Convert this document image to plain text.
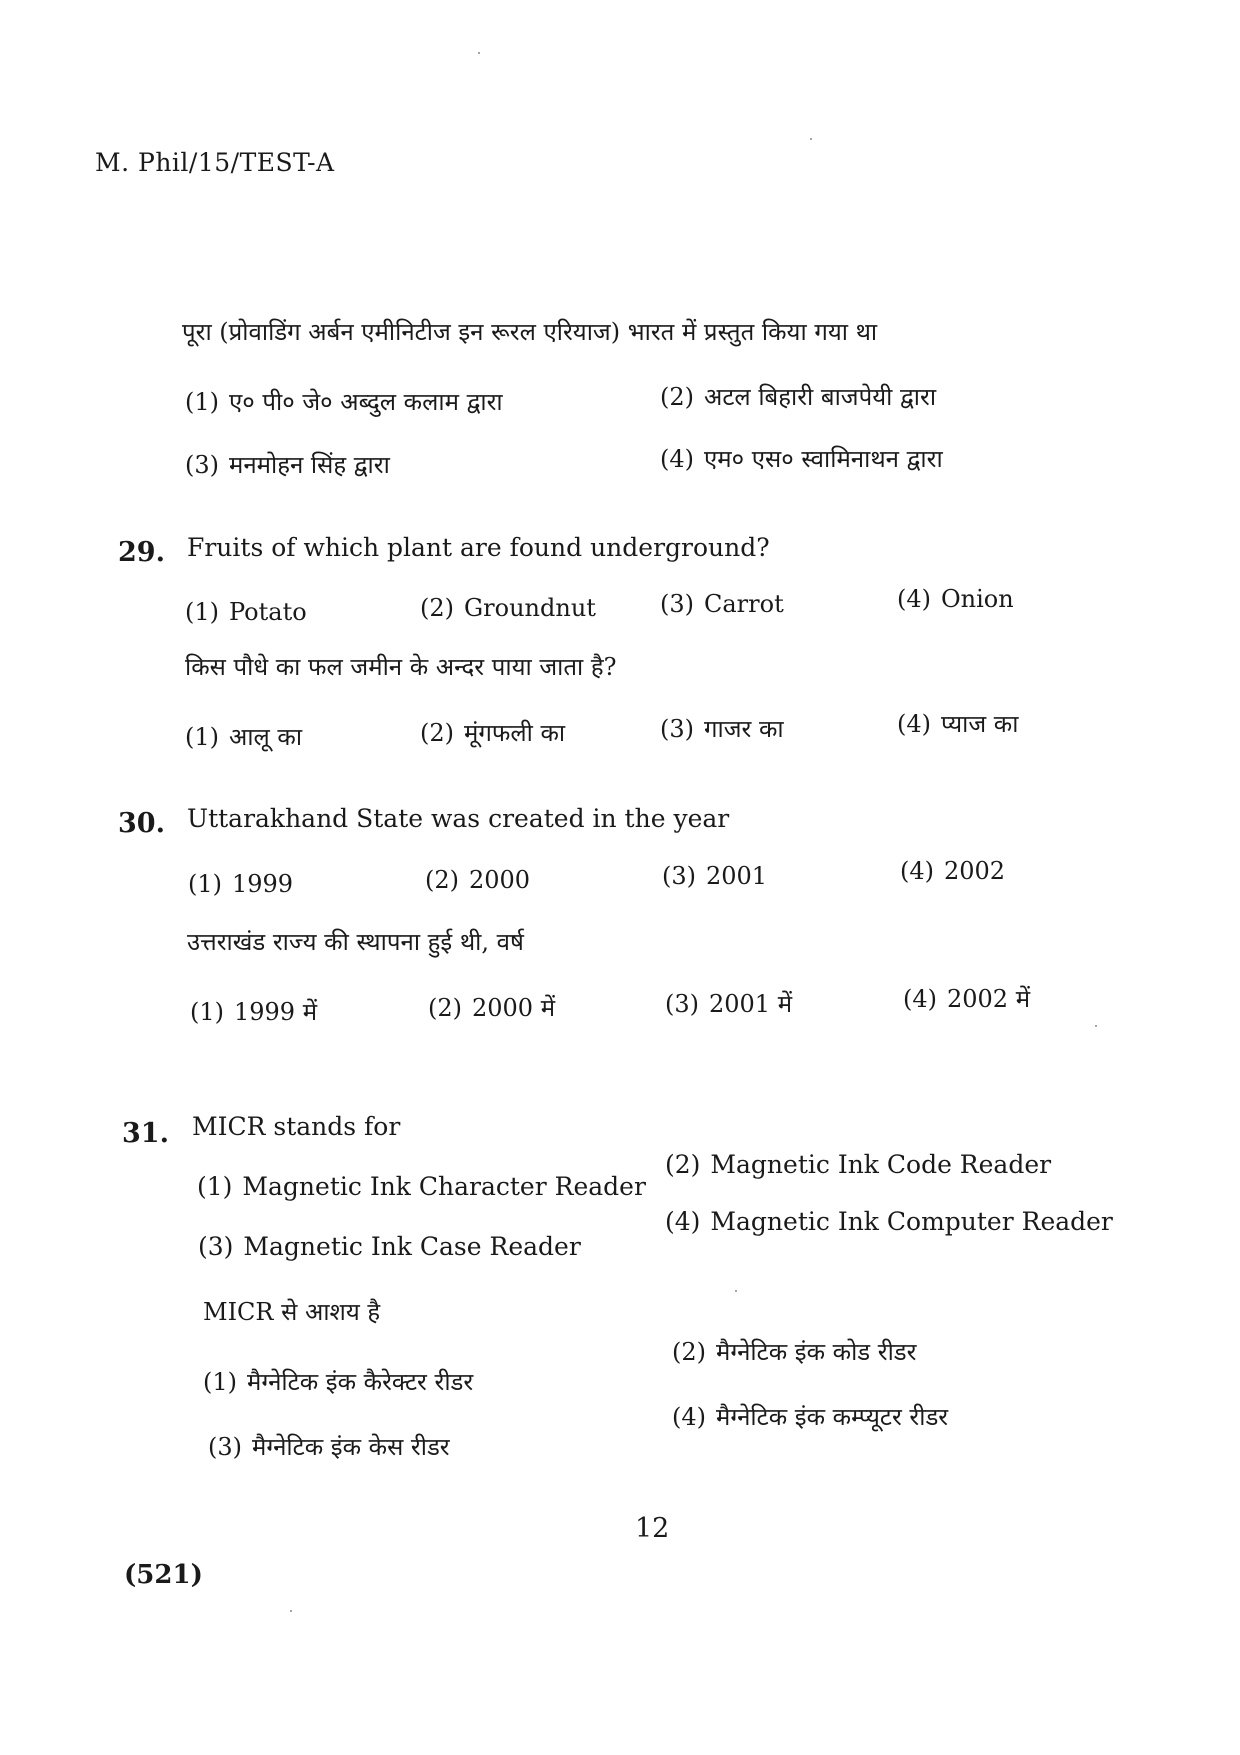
M. Phil/15/TEST-A
पूरा (प्रोवाडिंग अर्बन एमीनिटीज इन रूरल एरियाज) भारत में प्रस्तुत किया गया था
(1) ए० पी० जे० अब्दुल कलाम द्वारा	(2) अटल बिहारी बाजपेयी द्वारा
(3) मनमोहन सिंह द्वारा	(4) एम० एस० स्वामिनाथन द्वारा
29. Fruits of which plant are found underground?
(1) Potato	(2) Groundnut	(3) Carrot	(4) Onion
किस पौधे का फल जमीन के अन्दर पाया जाता है?
(1) आलू का	(2) मूंगफली का	(3) गाजर का	(4) प्याज का
30. Uttarakhand State was created in the year
(1) 1999	(2) 2000	(3) 2001	(4) 2002
उत्तराखंड राज्य की स्थापना हुई थी, वर्ष
(1) 1999 में	(2) 2000 में	(3) 2001 में	(4) 2002 में
31. MICR stands for
(1) Magnetic Ink Character Reader
(2) Magnetic Ink Code Reader
(3) Magnetic Ink Case Reader
(4) Magnetic Ink Computer Reader
MICR से आशय है
(1) मैग्नेटिक इंक कैरेक्टर रीडर
(2) मैग्नेटिक इंक कोड रीडर
(3) मैग्नेटिक इंक केस रीडर
(4) मैग्नेटिक इंक कम्प्यूटर रीडर
12
(521)
